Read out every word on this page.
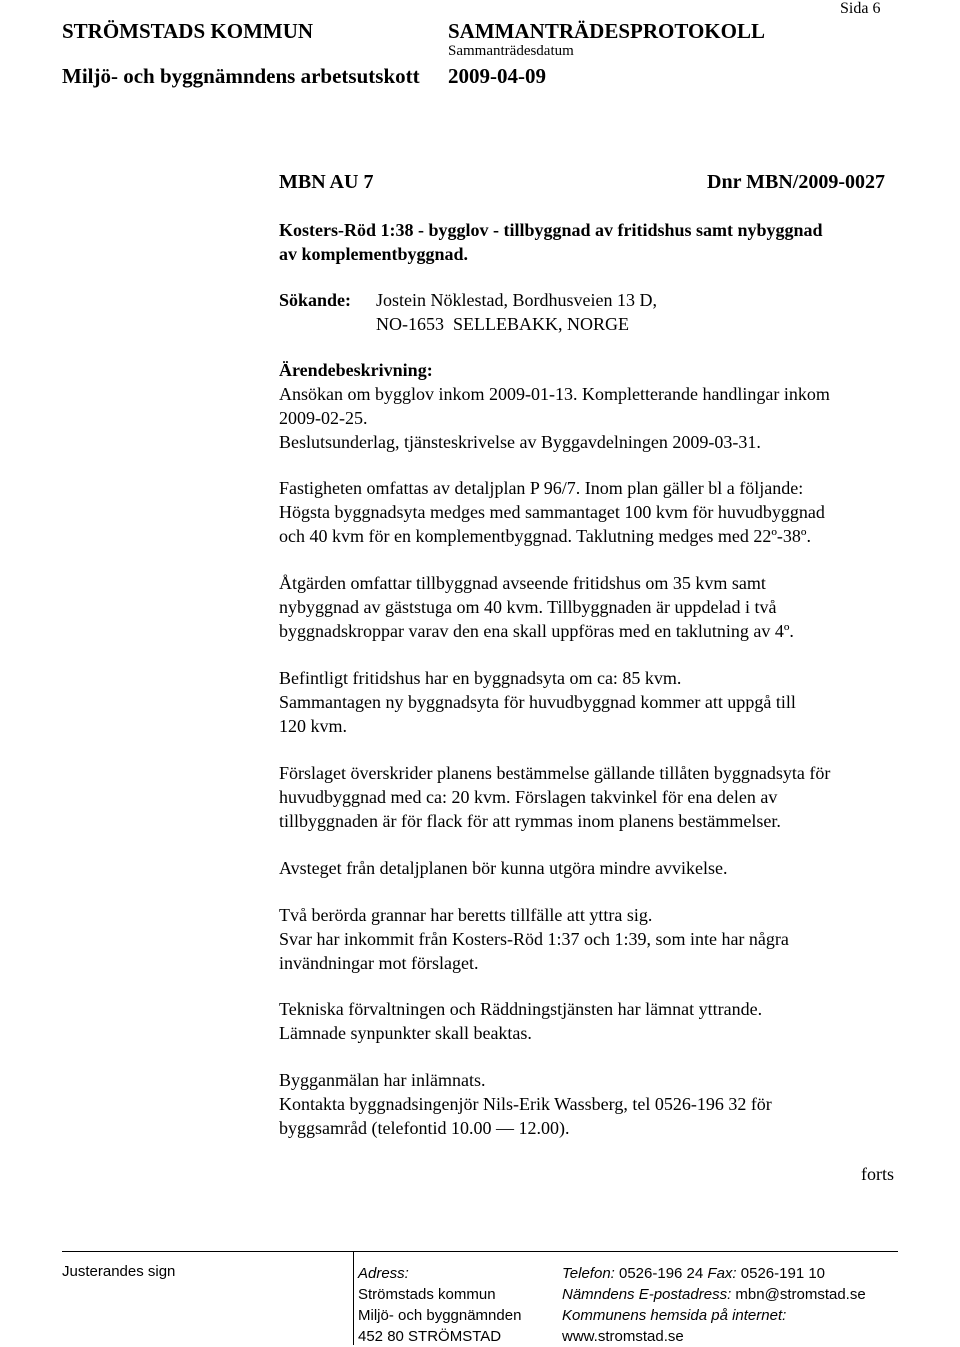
STRÖMSTADS KOMMUN	SAMMANTRÄDESPROTOKOLL
Sida 6
Sammanträdesdatum
Miljö- och byggnämndens arbetsutskott 2009-04-09
MBN AU 7	Dnr MBN/2009-0027
Kosters-Röd 1:38 - bygglov - tillbyggnad av fritidshus samt nybyggnad
av komplementbyggnad.
Sökande: Jostein Nöklestad, Bordhusveien 13 D,
NO-1653  SELLEBAKK, NORGE
Ärendebeskrivning:
Ansökan om bygglov inkom 2009-01-13. Kompletterande handlingar inkom
2009-02-25.
Beslutsunderlag, tjänsteskrivelse av Byggavdelningen 2009-03-31.
Fastigheten omfattas av detaljplan P 96/7. Inom plan gäller bl a följande:
Högsta byggnadsyta medges med sammantaget 100 kvm för huvudbyggnad
och 40 kvm för en komplementbyggnad. Taklutning medges med 22º-38º.
Åtgärden omfattar tillbyggnad avseende fritidshus om 35 kvm samt
nybyggnad av gäststuga om 40 kvm. Tillbyggnaden är uppdelad i två
byggnadskroppar varav den ena skall uppföras med en taklutning av 4º.
Befintligt fritidshus har en byggnadsyta om ca: 85 kvm.
Sammantagen ny byggnadsyta för huvudbyggnad kommer att uppgå till
120 kvm.
Förslaget överskrider planens bestämmelse gällande tillåten byggnadsyta för
huvudbyggnad med ca: 20 kvm. Förslagen takvinkel för ena delen av
tillbyggnaden är för flack för att rymmas inom planens bestämmelser.
Avsteget från detaljplanen bör kunna utgöra mindre avvikelse.
Två berörda grannar har beretts tillfälle att yttra sig.
Svar har inkommit från Kosters-Röd 1:37 och 1:39, som inte har några
invändningar mot förslaget.
Tekniska förvaltningen och Räddningstjänsten har lämnat yttrande.
Lämnade synpunkter skall beaktas.
Bygganmälan har inlämnats.
Kontakta byggnadsingenjör Nils-Erik Wassberg, tel 0526-196 32 för
byggsamråd (telefontid 10.00 — 12.00).
forts
Justerandes sign	Adress:
Strömstads kommun
Miljö- och byggnämnden
452 80 STRÖMSTAD
Telefon: 0526-196 24 Fax: 0526-191 10
Nämndens E-postadress: mbn@stromstad.se
Kommunens hemsida på internet:
www.stromstad.se
